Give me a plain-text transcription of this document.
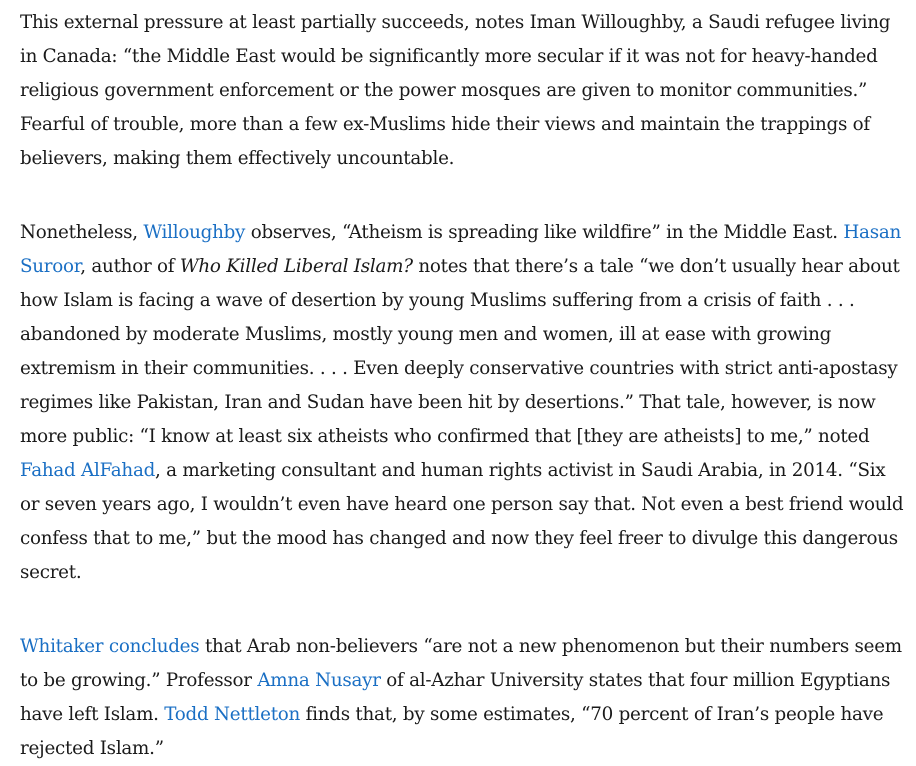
This external pressure at least partially succeeds, notes Iman Willoughby, a Saudi refugee living in Canada: “the Middle East would be significantly more secular if it was not for heavy-handed religious government enforcement or the power mosques are given to monitor communities.” Fearful of trouble, more than a few ex-Muslims hide their views and maintain the trappings of believers, making them effectively uncountable.

Nonetheless, Willoughby observes, “Atheism is spreading like wildfire” in the Middle East. Hasan Suroor, author of Who Killed Liberal Islam? notes that there’s a tale “we don’t usually hear about how Islam is facing a wave of desertion by young Muslims suffering from a crisis of faith . . . abandoned by moderate Muslims, mostly young men and women, ill at ease with growing extremism in their communities. . . . Even deeply conservative countries with strict anti-apostasy regimes like Pakistan, Iran and Sudan have been hit by desertions.” That tale, however, is now more public: “I know at least six atheists who confirmed that [they are atheists] to me,” noted Fahad AlFahad, a marketing consultant and human rights activist in Saudi Arabia, in 2014. “Six or seven years ago, I wouldn’t even have heard one person say that. Not even a best friend would confess that to me,” but the mood has changed and now they feel freer to divulge this dangerous secret.

Whitaker concludes that Arab non-believers “are not a new phenomenon but their numbers seem to be growing.” Professor Amna Nusayr of al-Azhar University states that four million Egyptians have left Islam. Todd Nettleton finds that, by some estimates, “70 percent of Iran’s people have rejected Islam.”
